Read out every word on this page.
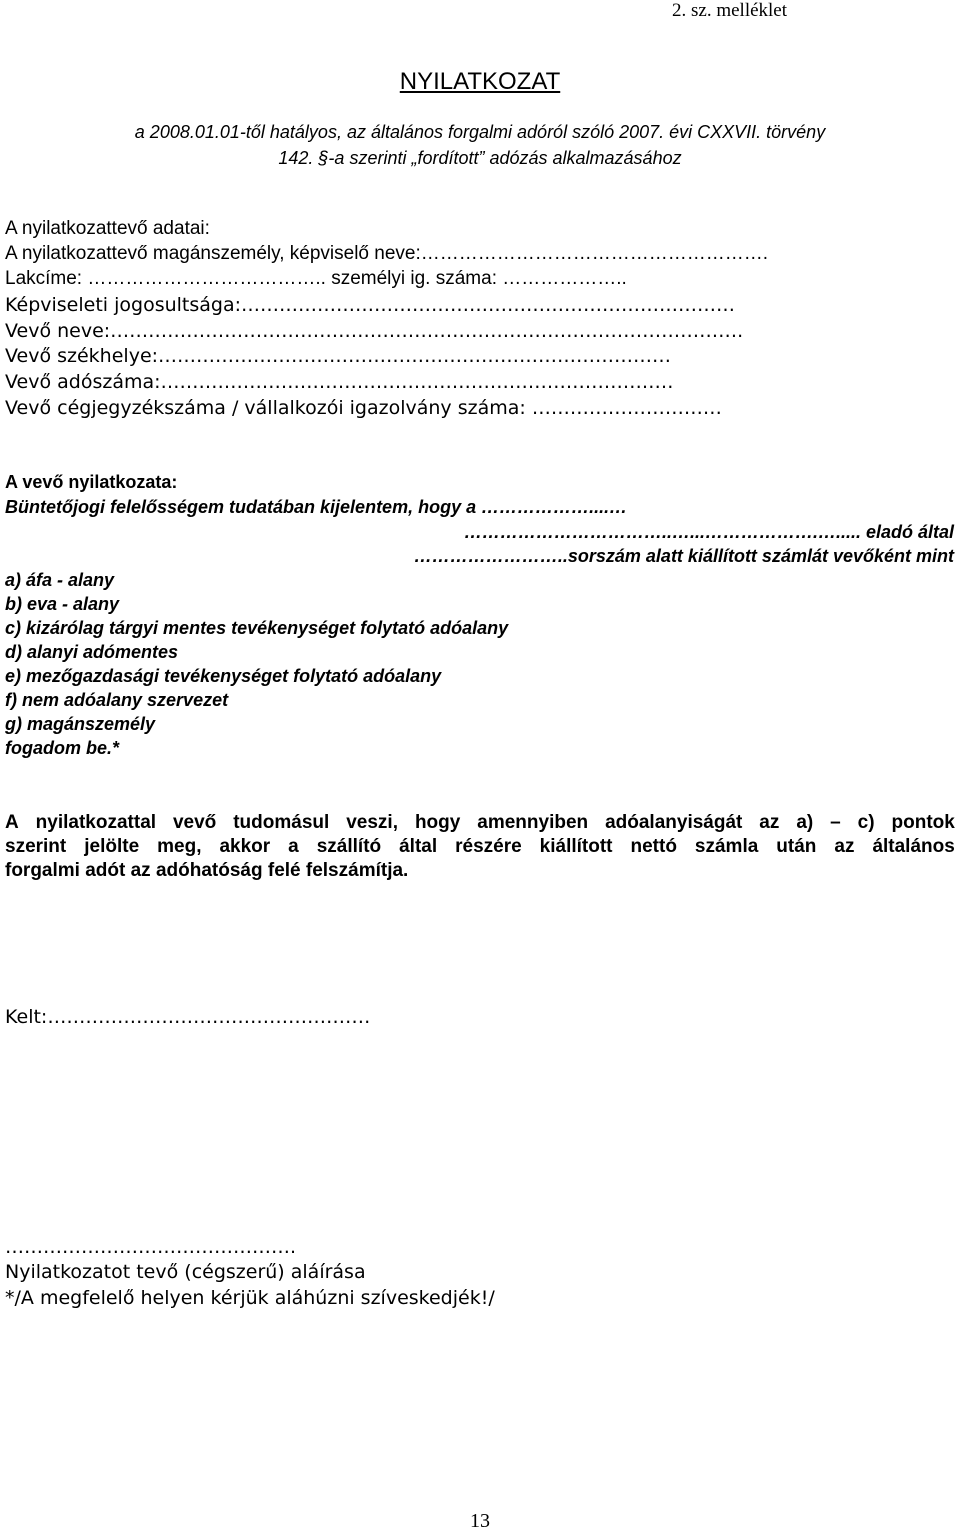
2. sz. melléklet
NYILATKOZAT
a 2008.01.01-től hatályos, az általános forgalmi adóról szóló 2007. évi CXXVII. törvény
142. §-a szerinti „fordított” adózás alkalmazásához
A nyilatkozattevő adatai:
A nyilatkozattevő magánszemély, képviselő neve:……………………………………………….
Lakcíme: ……………………………….. személyi ig. száma: ………………..
Képviseleti jogosultsága:……………………………………………………………………
Vevő neve:……………………………………………………………………………………….
Vevő székhelye:………………………………………………………………………
Vevő adószáma:………………………………………………………………………
Vevő cégjegyzékszáma / vállalkozói igazolvány száma: …………………………
A vevő nyilatkozata:
Büntetőjogi felelősségem tudatában kijelentem, hogy a ………………....…
……………………………..…...……………….…..... eladó által
……………………..sorszám alatt kiállított számlát vevőként mint
a) áfa - alany
b) eva - alany
c) kizárólag tárgyi mentes tevékenységet folytató adóalany
d) alanyi adómentes
e) mezőgazdasági tevékenységet folytató adóalany
f) nem adóalany szervezet
g) magánszemély
fogadom be.*
A nyilatkozattal vevő tudomásul veszi, hogy amennyiben adóalanyiságát az a) – c) pontok
szerint jelölte meg, akkor a szállító által részére kiállított nettó számla után az általános
forgalmi adót az adóhatóság felé felszámítja.
Kelt:……………………………………………
……………………………………….
Nyilatkozatot tevő (cégszerű) aláírása
*/A megfelelő helyen kérjük aláhúzni szíveskedjék!/
13
